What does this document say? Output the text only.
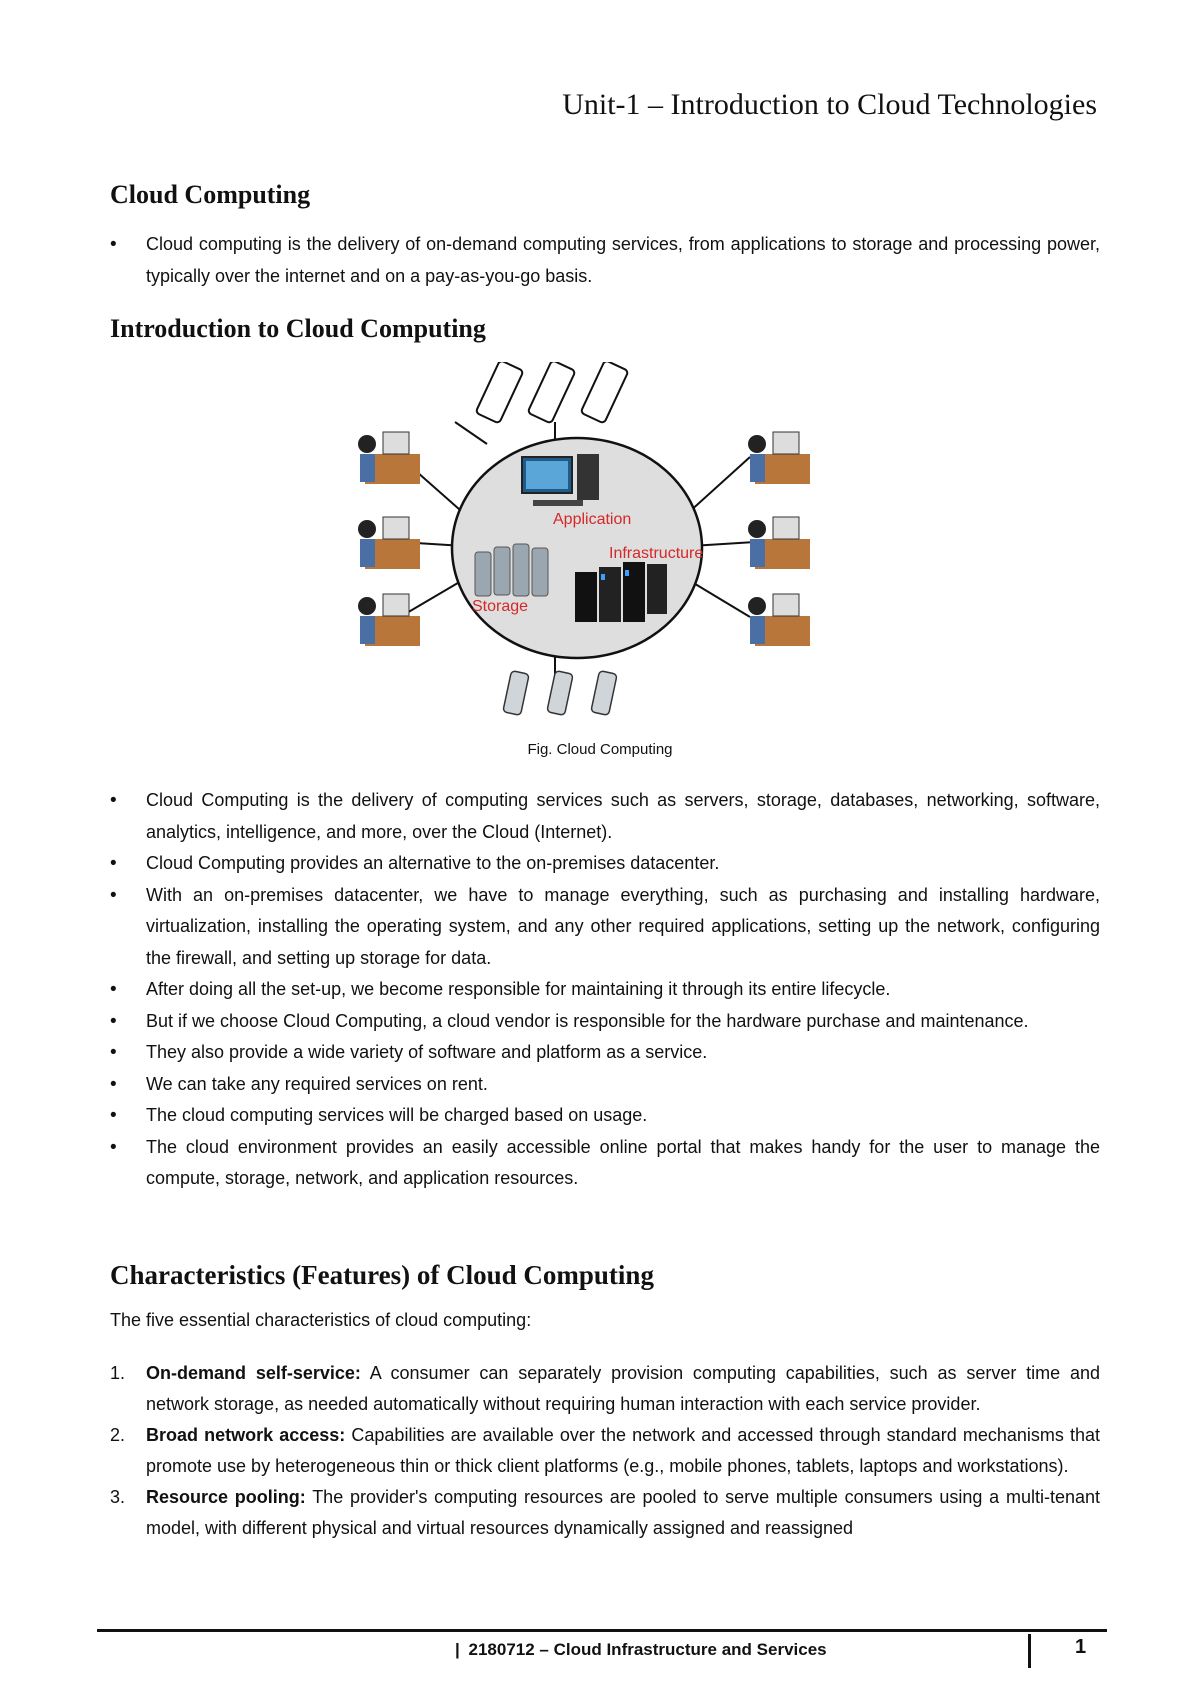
Unit-1 – Introduction to Cloud Technologies
Cloud Computing
• Cloud computing is the delivery of on-demand computing services, from applications to storage and processing power, typically over the internet and on a pay-as-you-go basis.
Introduction to Cloud Computing
Application
Infrastructure
Storage
Fig. Cloud Computing
• Cloud Computing is the delivery of computing services such as servers, storage, databases, networking, software, analytics, intelligence, and more, over the Cloud (Internet).
• Cloud Computing provides an alternative to the on-premises datacenter.
• With an on-premises datacenter, we have to manage everything, such as purchasing and installing hardware, virtualization, installing the operating system, and any other required applications, setting up the network, configuring the firewall, and setting up storage for data.
• After doing all the set-up, we become responsible for maintaining it through its entire lifecycle.
• But if we choose Cloud Computing, a cloud vendor is responsible for the hardware purchase and maintenance.
• They also provide a wide variety of software and platform as a service.
• We can take any required services on rent.
• The cloud computing services will be charged based on usage.
• The cloud environment provides an easily accessible online portal that makes handy for the user to manage the compute, storage, network, and application resources.
Characteristics (Features) of Cloud Computing

The five essential characteristics of cloud computing:

1. On-demand self-service: A consumer can separately provision computing capabilities, such as server time and network storage, as needed automatically without requiring human interaction with each service provider.
2. Broad network access: Capabilities are available over the network and accessed through standard mechanisms that promote use by heterogeneous thin or thick client platforms (e.g., mobile phones, tablets, laptops and workstations).
3. Resource pooling: The provider's computing resources are pooled to serve multiple consumers using a multi-tenant model, with different physical and virtual resources dynamically assigned and reassigned
| 2180712 – Cloud Infrastructure and Services	1
